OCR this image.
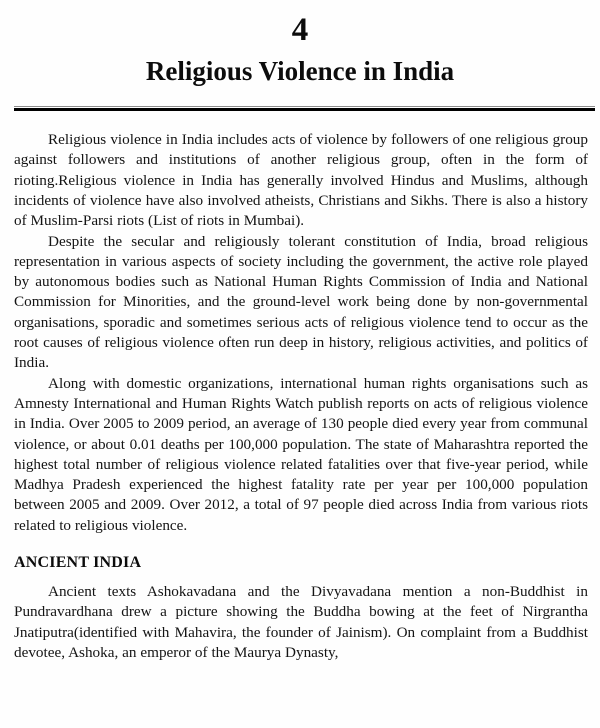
4
Religious Violence in India

Religious violence in India includes acts of violence by followers of one religious group against followers and institutions of another religious group, often in the form of rioting.Religious violence in India has generally involved Hindus and Muslims, although incidents of violence have also involved atheists, Christians and Sikhs. There is also a history of Muslim-Parsi riots (List of riots in Mumbai).

Despite the secular and religiously tolerant constitution of India, broad religious representation in various aspects of society including the government, the active role played by autonomous bodies such as National Human Rights Commission of India and National Commission for Minorities, and the ground-level work being done by non-governmental organisations, sporadic and sometimes serious acts of religious violence tend to occur as the root causes of religious violence often run deep in history, religious activities, and politics of India.

Along with domestic organizations, international human rights organisations such as Amnesty International and Human Rights Watch publish reports on acts of religious violence in India. Over 2005 to 2009 period, an average of 130 people died every year from communal violence, or about 0.01 deaths per 100,000 population. The state of Maharashtra reported the highest total number of religious violence related fatalities over that five-year period, while Madhya Pradesh experienced the highest fatality rate per year per 100,000 population between 2005 and 2009. Over 2012, a total of 97 people died across India from various riots related to religious violence.

ANCIENT INDIA

Ancient texts Ashokavadana and the Divyavadana mention a non-Buddhist in Pundravardhana drew a picture showing the Buddha bowing at the feet of Nirgrantha Jnatiputra(identified with Mahavira, the founder of Jainism). On complaint from a Buddhist devotee, Ashoka, an emperor of the Maurya Dynasty,
